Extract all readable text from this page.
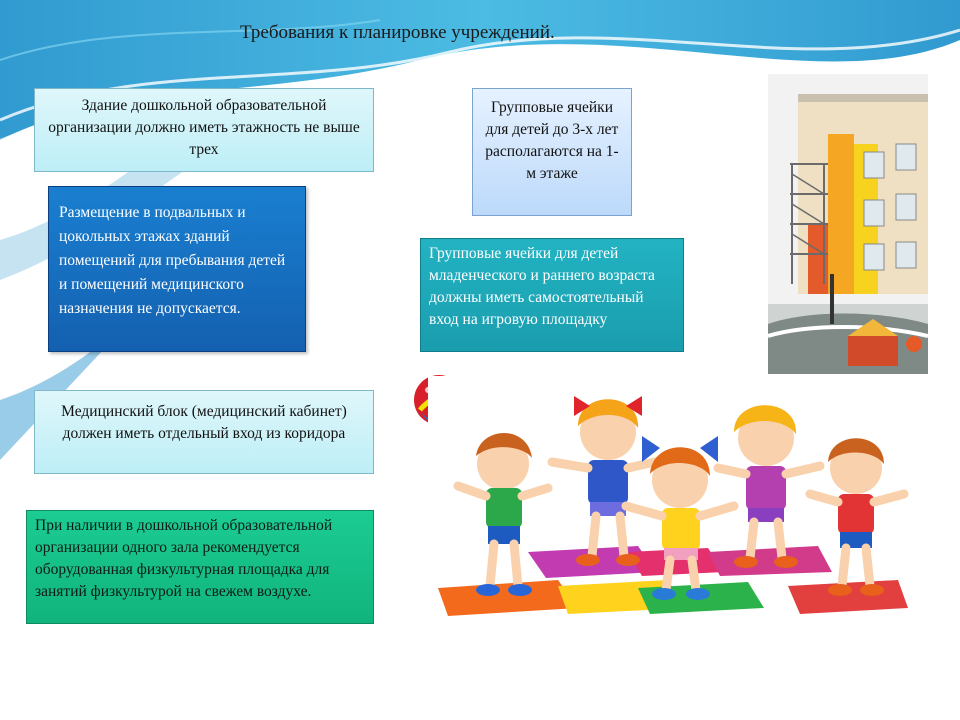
Требования к планировке учреждений.
Здание дошкольной образовательной организации должно иметь этажность не выше трех
Групповые ячейки для детей до 3-х лет располагаются на 1-м этаже
Размещение в подвальных и цокольных этажах зданий помещений для пребывания детей и помещений медицинского назначения не допускается.
Групповые ячейки для детей младенческого и раннего возраста должны иметь самостоятельный вход на игровую площадку
Медицинский блок (медицинский кабинет) должен иметь отдельный вход из коридора
При наличии в дошкольной образовательной организации одного зала рекомендуется оборудованная физкультурная площадка для занятий физкультурой на свежем воздухе.
